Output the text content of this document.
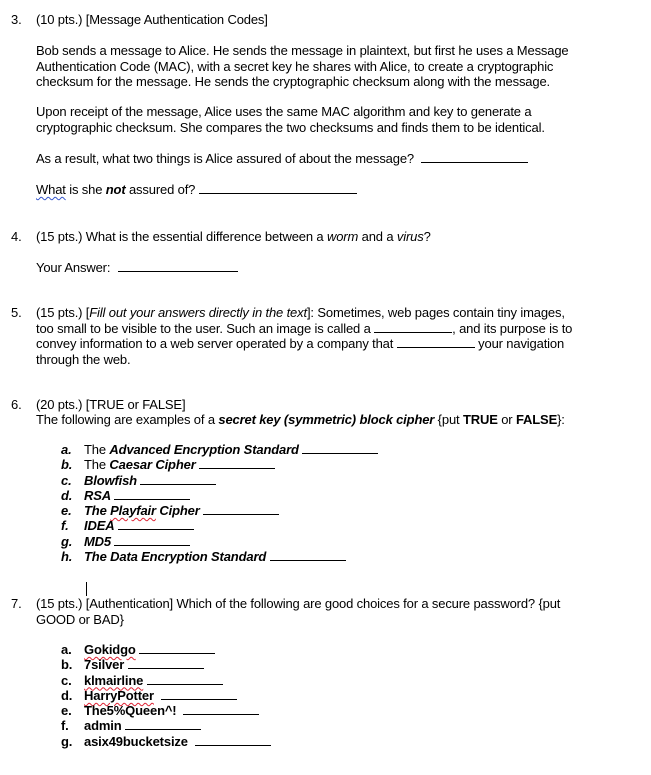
3. (10 pts.) [Message Authentication Codes]
Bob sends a message to Alice. He sends the message in plaintext, but first he uses a Message
Authentication Code (MAC), with a secret key he shares with Alice, to create a cryptographic
checksum for the message. He sends the cryptographic checksum along with the message.
Upon receipt of the message, Alice uses the same MAC algorithm and key to generate a
cryptographic checksum. She compares the two checksums and finds them to be identical.
As a result, what two things is Alice assured of about the message?
What is she not assured of?
4. (15 pts.) What is the essential difference between a worm and a virus?
Your Answer:
5. (15 pts.) [Fill out your answers directly in the text]: Sometimes, web pages contain tiny images,
too small to be visible to the user. Such an image is called a	, and its purpose is to
convey information to a web server operated by a company that	your navigation
through the web.
6. (20 pts.) [TRUE or FALSE]
The following are examples of a secret key (symmetric) block cipher {put TRUE or FALSE}:
a. The Advanced Encryption Standard
b. The Caesar Cipher
c. Blowfish
d. RSA
e. The Playfair Cipher
f.	IDEA
g. MD5
h. The Data Encryption Standard
7. (15 pts.) [Authentication] Which of the following are good choices for a secure password? {put
GOOD or BAD}
a. Gokidgo
b. 7silver
c. klmairline
d. HarryPotter
e. The5%Queen^!
f.	admin
g. asix49bucketsize
